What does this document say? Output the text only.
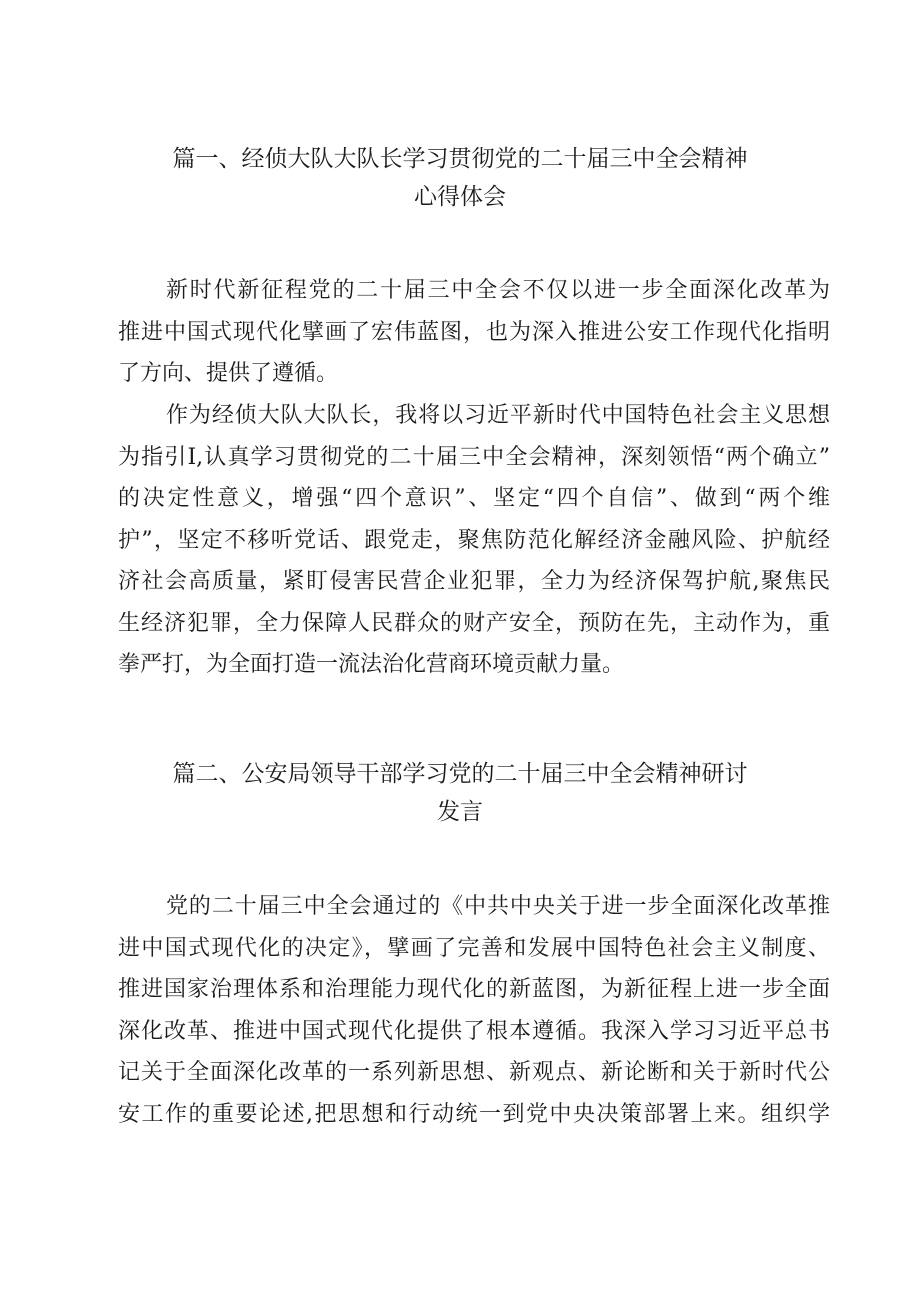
篇一、经侦大队大队长学习贯彻党的二十届三中全会精神
心得体会

新时代新征程党的二十届三中全会不仅以进一步全面深化改革为
推进中国式现代化擘画了宏伟蓝图，也为深入推进公安工作现代化指明
了方向、提供了遵循。

作为经侦大队大队长，我将以习近平新时代中国特色社会主义思想
为指引I,认真学习贯彻党的二十届三中全会精神，深刻领悟“两个确立”
的决定性意义，增强“四个意识”、坚定“四个自信”、做到“两个维
护”，坚定不移听党话、跟党走，聚焦防范化解经济金融风险、护航经
济社会高质量，紧盯侵害民营企业犯罪，全力为经济保驾护航,聚焦民
生经济犯罪，全力保障人民群众的财产安全，预防在先，主动作为，重
拳严打，为全面打造一流法治化营商环境贡献力量。

篇二、公安局领导干部学习党的二十届三中全会精神研讨
发言

党的二十届三中全会通过的《中共中央关于进一步全面深化改革推
进中国式现代化的决定》，擘画了完善和发展中国特色社会主义制度、
推进国家治理体系和治理能力现代化的新蓝图，为新征程上进一步全面
深化改革、推进中国式现代化提供了根本遵循。我深入学习习近平总书
记关于全面深化改革的一系列新思想、新观点、新论断和关于新时代公
安工作的重要论述,把思想和行动统一到党中央决策部署上来。组织学
